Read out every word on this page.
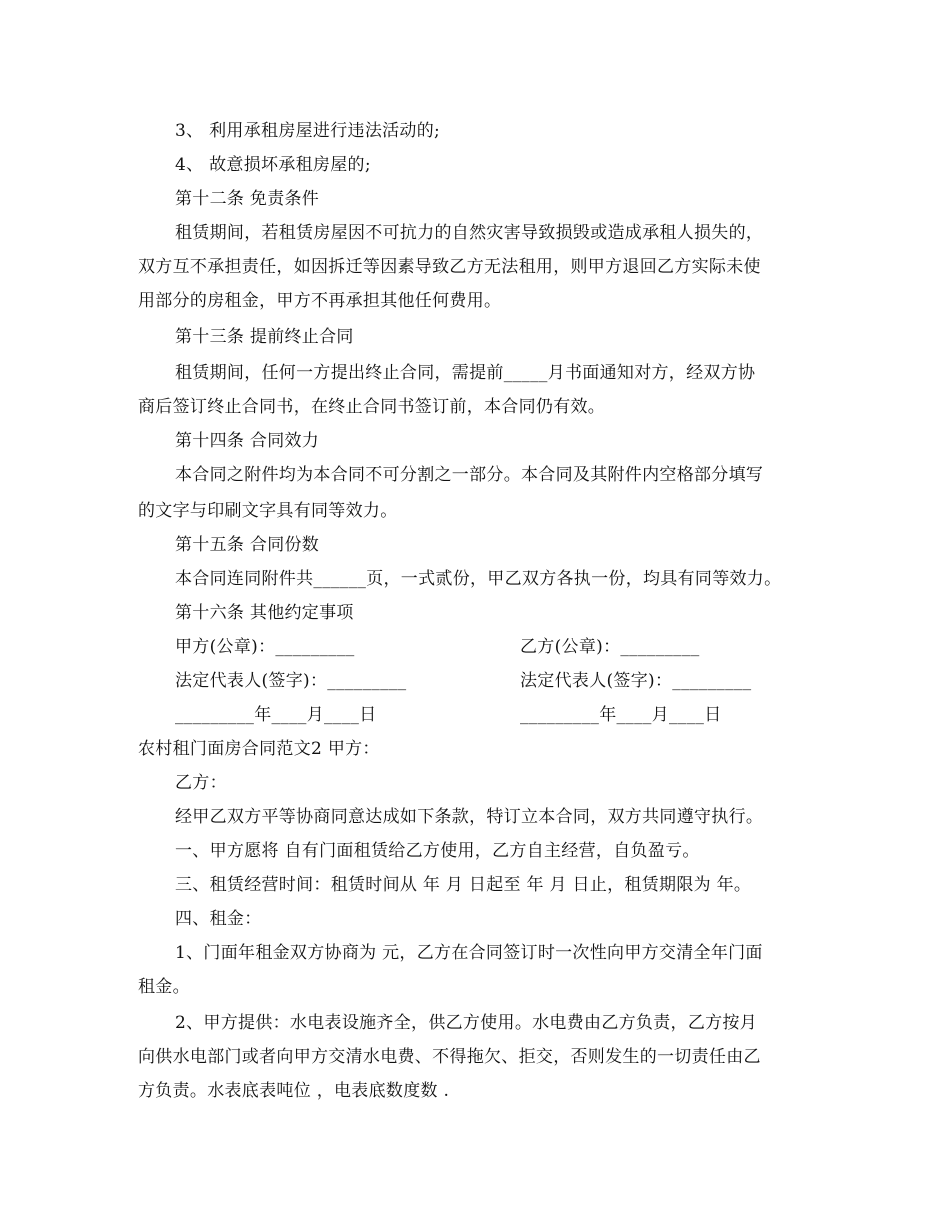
3、 利用承租房屋进行违法活动的;
4、 故意损坏承租房屋的;
第十二条 免责条件
租赁期间，若租赁房屋因不可抗力的自然灾害导致损毁或造成承租人损失的，
双方互不承担责任，如因拆迁等因素导致乙方无法租用，则甲方退回乙方实际未使
用部分的房租金，甲方不再承担其他任何费用。
第十三条 提前终止合同
租赁期间，任何一方提出终止合同，需提前_____月书面通知对方，经双方协
商后签订终止合同书，在终止合同书签订前，本合同仍有效。
第十四条 合同效力
本合同之附件均为本合同不可分割之一部分。本合同及其附件内空格部分填写
的文字与印刷文字具有同等效力。
第十五条 合同份数
本合同连同附件共______页，一式贰份，甲乙双方各执一份，均具有同等效力。
第十六条 其他约定事项
甲方(公章)：_________	乙方(公章)：_________
法定代表人(签字)：_________	法定代表人(签字)：_________
_________年____月____日	_________年____月____日
农村租门面房合同范文2 甲方：
乙方：
经甲乙双方平等协商同意达成如下条款，特订立本合同，双方共同遵守执行。
一、甲方愿将 自有门面租赁给乙方使用，乙方自主经营，自负盈亏。
三、租赁经营时间：租赁时间从 年 月 日起至 年 月 日止，租赁期限为 年。
四、租金：
1、门面年租金双方协商为 元，乙方在合同签订时一次性向甲方交清全年门面
租金。
2、甲方提供：水电表设施齐全，供乙方使用。水电费由乙方负责，乙方按月
向供水电部门或者向甲方交清水电费、不得拖欠、拒交，否则发生的一切责任由乙
方负责。水表底表吨位 ，电表底数度数 .
